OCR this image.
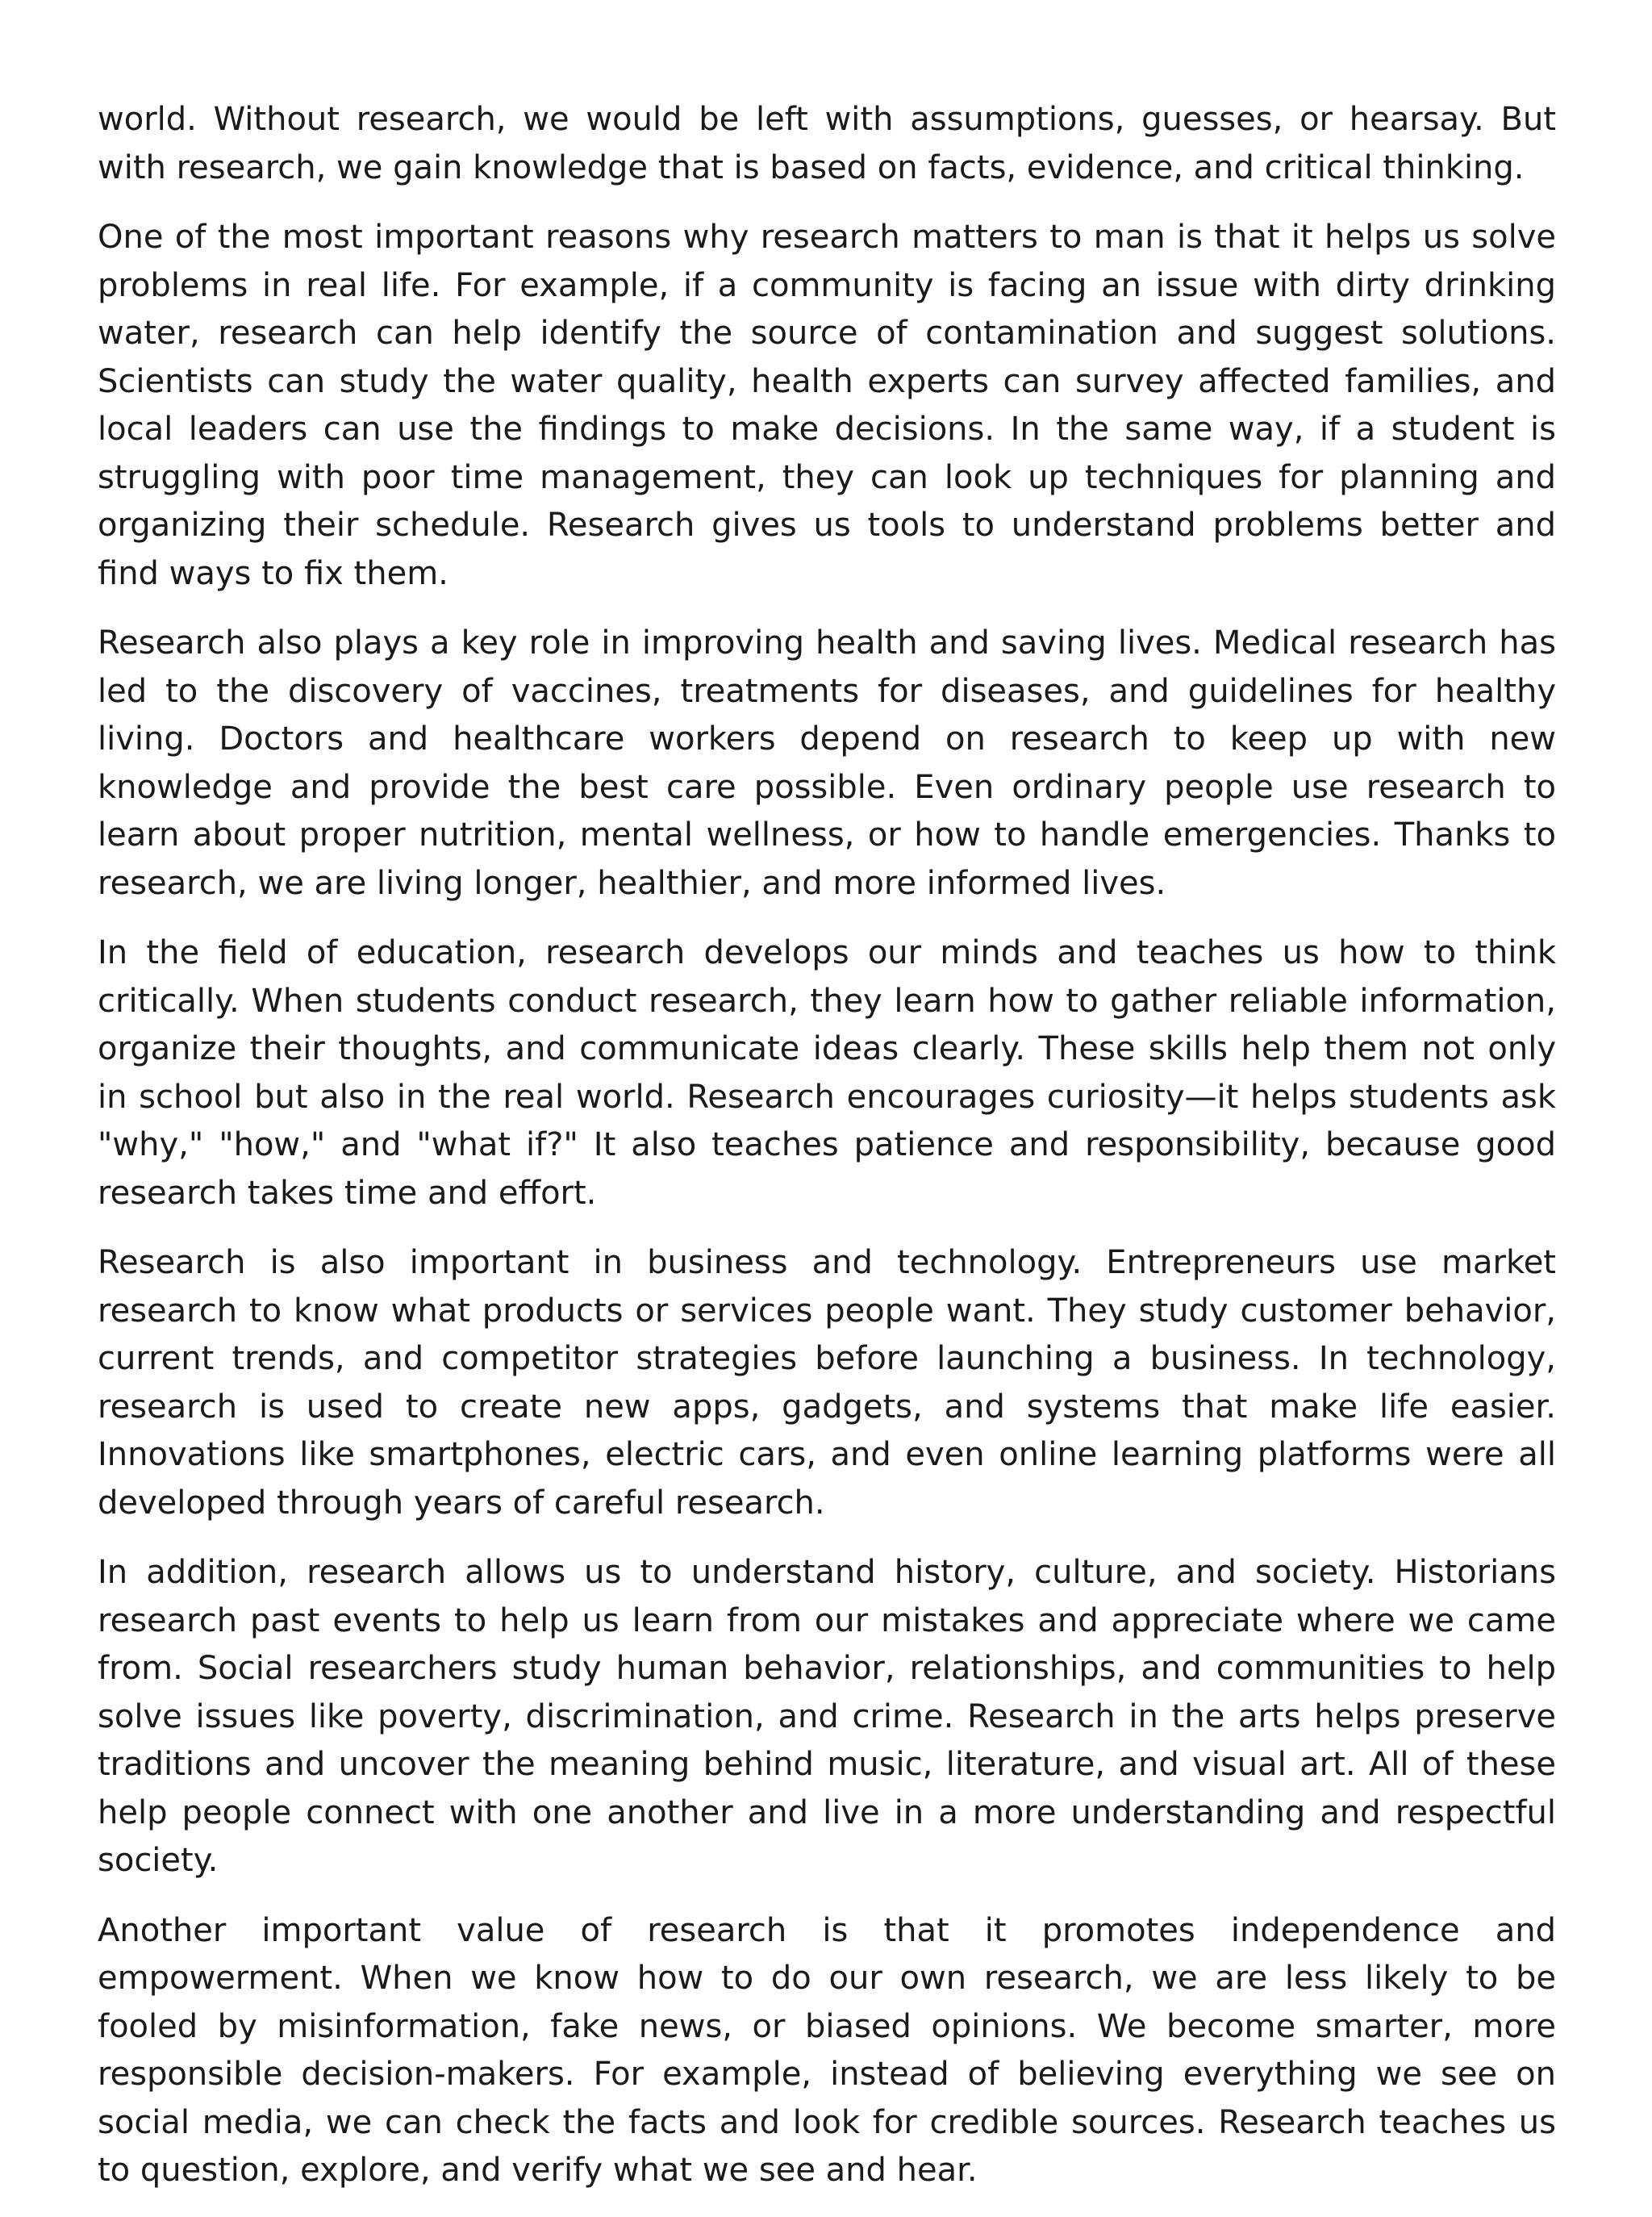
world. Without research, we would be left with assumptions, guesses, or hearsay. But with research, we gain knowledge that is based on facts, evidence, and critical thinking.

One of the most important reasons why research matters to man is that it helps us solve problems in real life. For example, if a community is facing an issue with dirty drinking water, research can help identify the source of contamination and suggest solutions. Scientists can study the water quality, health experts can survey affected families, and local leaders can use the findings to make decisions. In the same way, if a student is struggling with poor time management, they can look up techniques for planning and organizing their schedule. Research gives us tools to understand problems better and find ways to fix them.

Research also plays a key role in improving health and saving lives. Medical research has led to the discovery of vaccines, treatments for diseases, and guidelines for healthy living. Doctors and healthcare workers depend on research to keep up with new knowledge and provide the best care possible. Even ordinary people use research to learn about proper nutrition, mental wellness, or how to handle emergencies. Thanks to research, we are living longer, healthier, and more informed lives.

In the field of education, research develops our minds and teaches us how to think critically. When students conduct research, they learn how to gather reliable information, organize their thoughts, and communicate ideas clearly. These skills help them not only in school but also in the real world. Research encourages curiosity—it helps students ask "why," "how," and "what if?" It also teaches patience and responsibility, because good research takes time and effort.

Research is also important in business and technology. Entrepreneurs use market research to know what products or services people want. They study customer behavior, current trends, and competitor strategies before launching a business. In technology, research is used to create new apps, gadgets, and systems that make life easier. Innovations like smartphones, electric cars, and even online learning platforms were all developed through years of careful research.

In addition, research allows us to understand history, culture, and society. Historians research past events to help us learn from our mistakes and appreciate where we came from. Social researchers study human behavior, relationships, and communities to help solve issues like poverty, discrimination, and crime. Research in the arts helps preserve traditions and uncover the meaning behind music, literature, and visual art. All of these help people connect with one another and live in a more understanding and respectful society.

Another important value of research is that it promotes independence and empowerment. When we know how to do our own research, we are less likely to be fooled by misinformation, fake news, or biased opinions. We become smarter, more responsible decision-makers. For example, instead of believing everything we see on social media, we can check the facts and look for credible sources. Research teaches us to question, explore, and verify what we see and hear.
